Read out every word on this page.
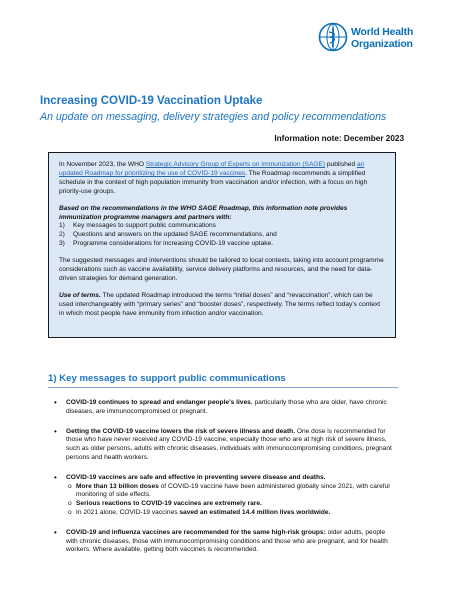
World Health
Organization
Increasing COVID-19 Vaccination Uptake
An update on messaging, delivery strategies and policy recommendations
Information note: December 2023

In November 2023, the WHO Strategic Advisory Group of Experts on Immunization (SAGE) published an updated Roadmap for prioritizing the use of COVID-19 vaccines. The Roadmap recommends a simplified schedule in the context of high population immunity from vaccination and/or infection, with a focus on high priority-use groups.

Based on the recommendations in the WHO SAGE Roadmap, this information note provides immunization programme managers and partners with:

1)	Key messages to support public communications
2)	Questions and answers on the updated SAGE recommendations, and
3)	Programme considerations for increasing COVID-19 vaccine uptake.

The suggested messages and interventions should be tailored to local contexts, taking into account programme considerations such as vaccine availability, service delivery platforms and resources, and the need for data-driven strategies for demand generation.

Use of terms. The updated Roadmap introduced the terms “initial doses” and “revaccination”, which can be used interchangeably with “primary series” and “booster doses”, respectively. The terms reflect today’s context in which most people have immunity from infection and/or vaccination.

1) Key messages to support public communications
• COVID-19 continues to spread and endanger people’s lives, particularly those who are older, have chronic diseases, are immunocompromised or pregnant.
• Getting the COVID-19 vaccine lowers the risk of severe illness and death. One dose is recommended for those who have never received any COVID-19 vaccine, especially those who are at high risk of severe illness, such as older persons, adults with chronic diseases, individuals with immunocompromising conditions, pregnant persons and health workers.
• COVID-19 vaccines are safe and effective in preventing severe disease and deaths.
o More than 13 billion doses of COVID-19 vaccine have been administered globally since 2021, with careful monitoring of side effects.
o Serious reactions to COVID-19 vaccines are extremely rare.
o In 2021 alone, COVID-19 vaccines saved an estimated 14.4 million lives worldwide.
• COVID-19 and influenza vaccines are recommended for the same high-risk groups: older adults, people with chronic diseases, those with immunocompromising conditions and those who are pregnant, and for health workers. Where available, getting both vaccines is recommended.
